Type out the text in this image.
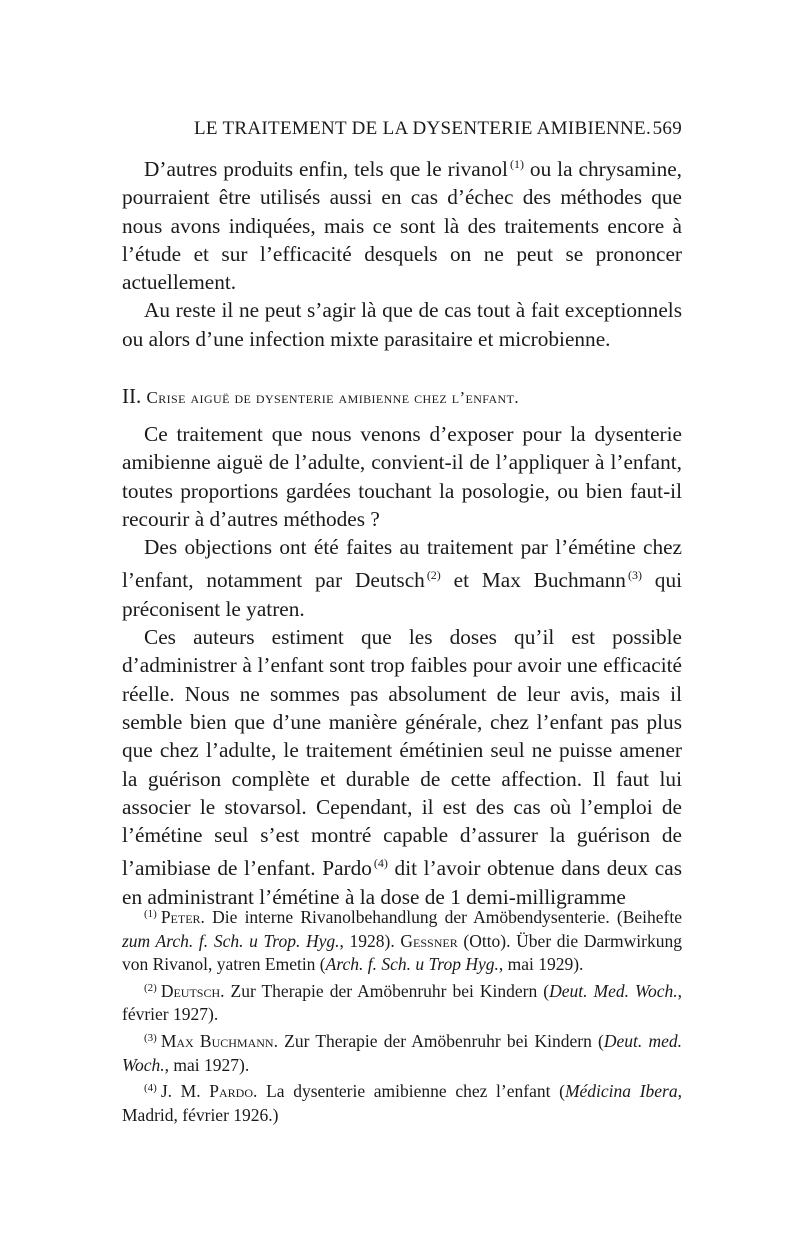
LE TRAITEMENT DE LA DYSENTERIE AMIBIENNE. 569

D’autres produits enfin, tels que le rivanol $^{(1)}$ ou la chrysamine, pourraient être utilisés aussi en cas d’échec des méthodes que nous avons indiquées, mais ce sont là des traitements encore à l’étude et sur l’efficacité desquels on ne peut se prononcer actuellement.

Au reste il ne peut s’agir là que de cas tout à fait exceptionnels ou alors d’une infection mixte parasitaire et microbienne.

II. Crise aiguë de dysenterie amibienne chez l’enfant.

Ce traitement que nous venons d’exposer pour la dysenterie amibienne aiguë de l’adulte, convient-il de l’appliquer à l’enfant, toutes proportions gardées touchant la posologie, ou bien faut-il recourir à d’autres méthodes ?

Des objections ont été faites au traitement par l’émétine chez l’enfant, notamment par Deutsch $^{(2)}$ et Max Buchmann $^{(3)}$ qui préconisent le yatren.

Ces auteurs estiment que les doses qu’il est possible d’administrer à l’enfant sont trop faibles pour avoir une efficacité réelle. Nous ne sommes pas absolument de leur avis, mais il semble bien que d’une manière générale, chez l’enfant pas plus que chez l’adulte, le traitement émétinien seul ne puisse amener la guérison complète et durable de cette affection. Il faut lui associer le stovarsol. Cependant, il est des cas où l’emploi de l’émétine seul s’est montré capable d’assurer la guérison de l’amibiase de l’enfant. Pardo $^{(4)}$ dit l’avoir obtenue dans deux cas en administrant l’émétine à la dose de 1 demi-milligramme

$^{(1)}$ Peter. Die interne Rivanolbehandlung der Amöbendysenterie. (Beihefte zum Arch. f. Sch. u Trop. Hyg., 1928). Gessner (Otto). Über die Darmwirkung von Rivanol, yatren Emetin (Arch. f. Sch. u Trop Hyg., mai 1929).

$^{(2)}$ Deutsch. Zur Therapie der Amöbenruhr bei Kindern (Deut. Med. Woch., février 1927).

$^{(3)}$ Max Buchmann. Zur Therapie der Amöbenruhr bei Kindern (Deut. med. Woch., mai 1927).

$^{(4)}$ J. M. Pardo. La dysenterie amibienne chez l’enfant (Médicina Ibera, Madrid, février 1926.)
